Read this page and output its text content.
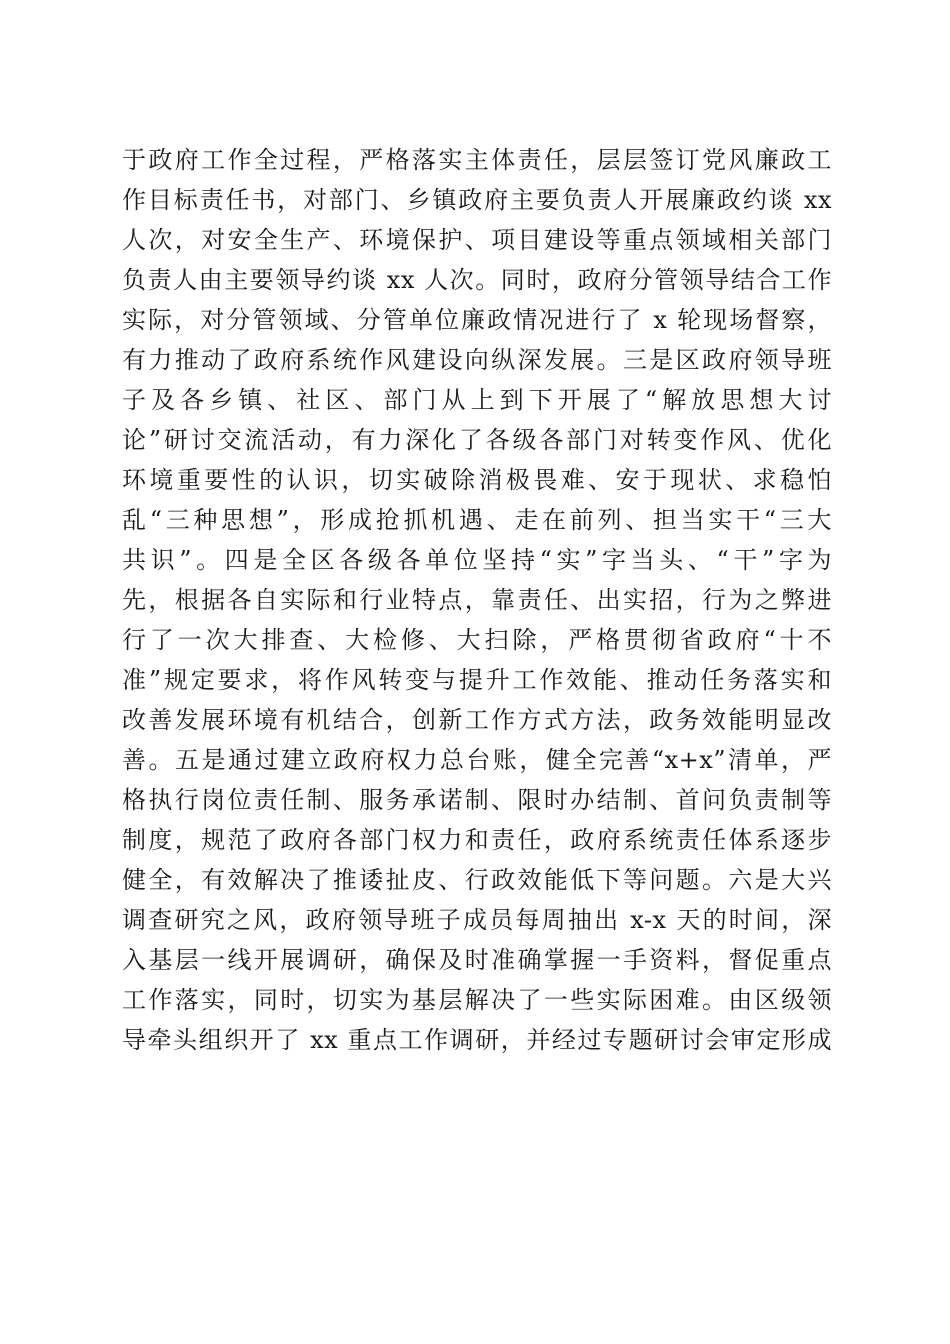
于政府工作全过程，严格落实主体责任，层层签订党风廉政工
作目标责任书，对部门、乡镇政府主要负责人开展廉政约谈 xx
人次，对安全生产、环境保护、项目建设等重点领域相关部门
负责人由主要领导约谈 xx 人次。同时，政府分管领导结合工作
实际，对分管领域、分管单位廉政情况进行了 x 轮现场督察，
有力推动了政府系统作风建设向纵深发展。三是区政府领导班
子及各乡镇、社区、部门从上到下开展了“解放思想大讨
论”研讨交流活动，有力深化了各级各部门对转变作风、优化
环境重要性的认识，切实破除消极畏难、安于现状、求稳怕
乱“三种思想”，形成抢抓机遇、走在前列、担当实干“三大
共识”。四是全区各级各单位坚持“实”字当头、“干”字为
先，根据各自实际和行业特点，靠责任、出实招，行为之弊进
行了一次大排查、大检修、大扫除，严格贯彻省政府“十不
准”规定要求，将作风转变与提升工作效能、推动任务落实和
改善发展环境有机结合，创新工作方式方法，政务效能明显改
善。五是通过建立政府权力总台账，健全完善“x+x”清单，严
格执行岗位责任制、服务承诺制、限时办结制、首问负责制等
制度，规范了政府各部门权力和责任，政府系统责任体系逐步
健全，有效解决了推诿扯皮、行政效能低下等问题。六是大兴
调查研究之风，政府领导班子成员每周抽出 x-x 天的时间，深
入基层一线开展调研，确保及时准确掌握一手资料，督促重点
工作落实，同时，切实为基层解决了一些实际困难。由区级领
导牵头组织开了 xx 重点工作调研，并经过专题研讨会审定形成
